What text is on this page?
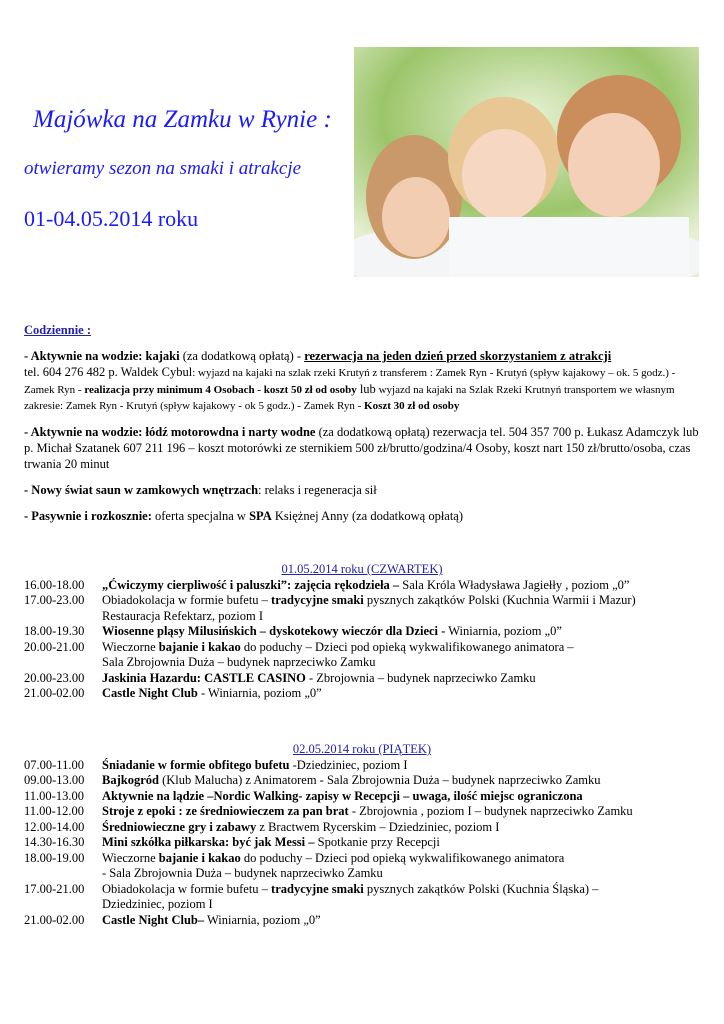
Majówka na Zamku w Rynie :
otwieramy sezon na smaki i atrakcje
01-04.05.2014 roku

Codziennie :

- Aktywnie na wodzie: kajaki (za dodatkową opłatą) - rezerwacja na jeden dzień przed skorzystaniem z atrakcji

tel. 604 276 482 p. Waldek Cybul: wyjazd na kajaki na szlak rzeki Krutyń z transferem : Zamek Ryn - Krutyń (spływ kajakowy – ok. 5 godz.) -

Zamek Ryn - realizacja przy minimum 4 Osobach - koszt 50 zł od osoby lub wyjazd na kajaki na Szlak Rzeki Krutnyń transportem we własnym

zakresie: Zamek Ryn - Krutyń (spływ kajakowy - ok 5 godz.) - Zamek Ryn - Koszt 30 zł od osoby

- Aktywnie na wodzie: łódź motorowdna i narty wodne (za dodatkową opłatą) rezerwacja tel. 504 357 700 p. Łukasz Adamczyk lub p. Michał Szatanek 607 211 196 – koszt motorówki ze sternikiem 500 zł/brutto/godzina/4 Osoby, koszt nart 150 zł/brutto/osoba, czas trwania 20 minut

- Nowy świat saun w zamkowych wnętrzach: relaks i regeneracja sił

- Pasywnie i rozkosznie: oferta specjalna w SPA Księżnej Anny (za dodatkową opłatą)

01.05.2014 roku (CZWARTEK)
16.00-18.00	„Ćwiczymy cierpliwość i paluszki”: zajęcia rękodzieła – Sala Króla Władysława Jagiełły , poziom „0”
17.00-23.00	Obiadokolacja w formie bufetu – tradycyjne smaki pysznych zakątków Polski (Kuchnia Warmii i Mazur)
Restauracja Refektarz, poziom I
18.00-19.30	Wiosenne pląsy Milusińskich – dyskotekowy wieczór dla Dzieci - Winiarnia, poziom „0”
20.00-21.00	Wieczorne bajanie i kakao do poduchy – Dzieci pod opieką wykwalifikowanego animatora –
Sala Zbrojownia Duża – budynek naprzeciwko Zamku
20.00-23.00	Jaskinia Hazardu: CASTLE CASINO - Zbrojownia – budynek naprzeciwko Zamku
21.00-02.00	Castle Night Club - Winiarnia, poziom „0”
02.05.2014 roku (PIĄTEK)
07.00-11.00	Śniadanie w formie obfitego bufetu -Dziedziniec, poziom I
09.00-13.00	Bajkogród (Klub Malucha) z Animatorem - Sala Zbrojownia Duża – budynek naprzeciwko Zamku
11.00-13.00	Aktywnie na lądzie –Nordic Walking- zapisy w Recepcji – uwaga, ilość miejsc ograniczona
11.00-12.00	Stroje z epoki : ze średniowieczem za pan brat - Zbrojownia , poziom I – budynek naprzeciwko Zamku
12.00-14.00	Średniowieczne gry i zabawy z Bractwem Rycerskim – Dziedziniec, poziom I
14.30-16.30	Mini szkółka piłkarska: być jak Messi – Spotkanie przy Recepcji
18.00-19.00	Wieczorne bajanie i kakao do poduchy – Dzieci pod opieką wykwalifikowanego animatora
- Sala Zbrojownia Duża – budynek naprzeciwko Zamku
17.00-21.00	Obiadokolacja w formie bufetu – tradycyjne smaki pysznych zakątków Polski (Kuchnia Śląska) –
Dziedziniec, poziom I
21.00-02.00	Castle Night Club– Winiarnia, poziom „0”
